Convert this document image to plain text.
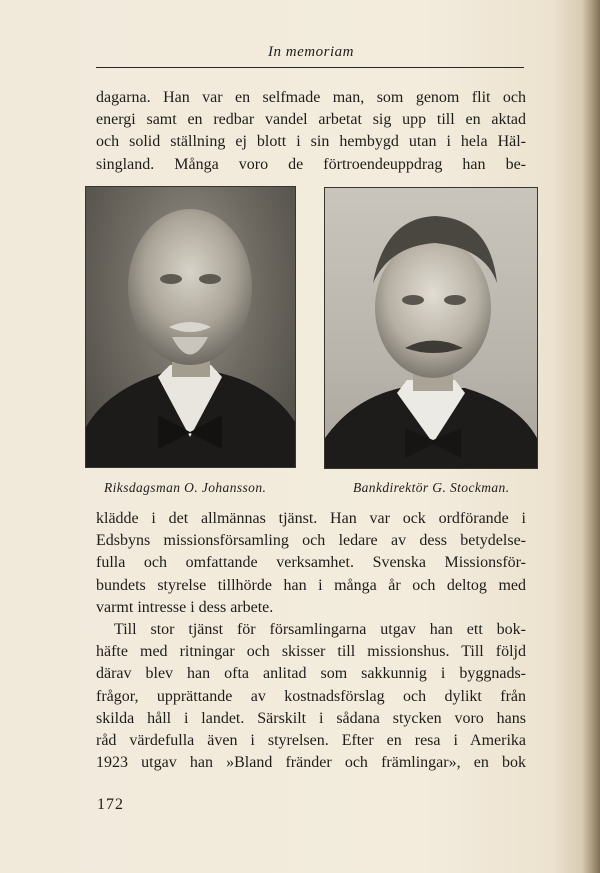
In memoriam
dagarna. Han var en selfmade man, som genom flit och
energi samt en redbar vandel arbetat sig upp till en aktad
och solid ställning ej blott i sin hembygd utan i hela Häl-
singland. Många voro de förtroendeuppdrag han be-
Riksdagsman O. Johansson.	Bankdirektör G. Stockman.
klädde i det allmännas tjänst. Han var ock ordförande i
Edsbyns missionsförsamling och ledare av dess betydelse-
fulla och omfattande verksamhet. Svenska Missionsför-
bundets styrelse tillhörde han i många år och deltog med
varmt intresse i dess arbete.
Till stor tjänst för församlingarna utgav han ett bok-
häfte med ritningar och skisser till missionshus. Till följd
därav blev han ofta anlitad som sakkunnig i byggnads-
frågor, upprättande av kostnadsförslag och dylikt från
skilda håll i landet. Särskilt i sådana stycken voro hans
råd värdefulla även i styrelsen. Efter en resa i Amerika
1923 utgav han »Bland fränder och främlingar», en bok
172
